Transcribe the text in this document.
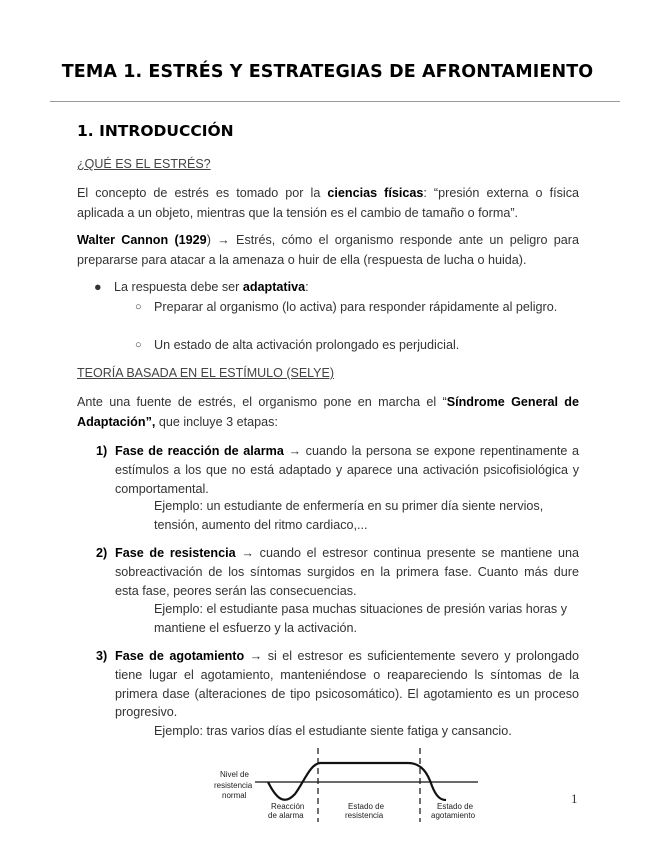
TEMA 1. ESTRÉS Y ESTRATEGIAS DE AFRONTAMIENTO
1. INTRODUCCIÓN
¿QUÉ ES EL ESTRÉS?
El concepto de estrés es tomado por la ciencias físicas: “presión externa o física aplicada a un objeto, mientras que la tensión es el cambio de tamaño o forma”.
Walter Cannon (1929) → Estrés, cómo el organismo responde ante un peligro para prepararse para atacar a la amenaza o huir de ella (respuesta de lucha o huida).
● La respuesta debe ser adaptativa:
○ Preparar al organismo (lo activa) para responder rápidamente al peligro.
○ Un estado de alta activación prolongado es perjudicial.
TEORÍA BASADA EN EL ESTÍMULO (SELYE)
Ante una fuente de estrés, el organismo pone en marcha el “Síndrome General de Adaptación”, que incluye 3 etapas:
1) Fase de reacción de alarma → cuando la persona se expone repentinamente a estímulos a los que no está adaptado y aparece una activación psicofisiológica y comportamental.
Ejemplo: un estudiante de enfermería en su primer día siente nervios, tensión, aumento del ritmo cardiaco,...
2) Fase de resistencia → cuando el estresor continua presente se mantiene una sobreactivación de los síntomas surgidos en la primera fase. Cuanto más dure esta fase, peores serán las consecuencias.
Ejemplo: el estudiante pasa muchas situaciones de presión varias horas y mantiene el esfuerzo y la activación.
3) Fase de agotamiento → si el estresor es suficientemente severo y prolongado tiene lugar el agotamiento, manteniéndose o reapareciendo ls síntomas de la primera dase (alteraciones de tipo psicosomático). El agotamiento es un proceso progresivo.
Ejemplo: tras varios días el estudiante siente fatiga y cansancio.
Nivel de
resistencia
normal
Reacción
de alarma
Estado de
resistencia
Estado de
agotamiento
1
